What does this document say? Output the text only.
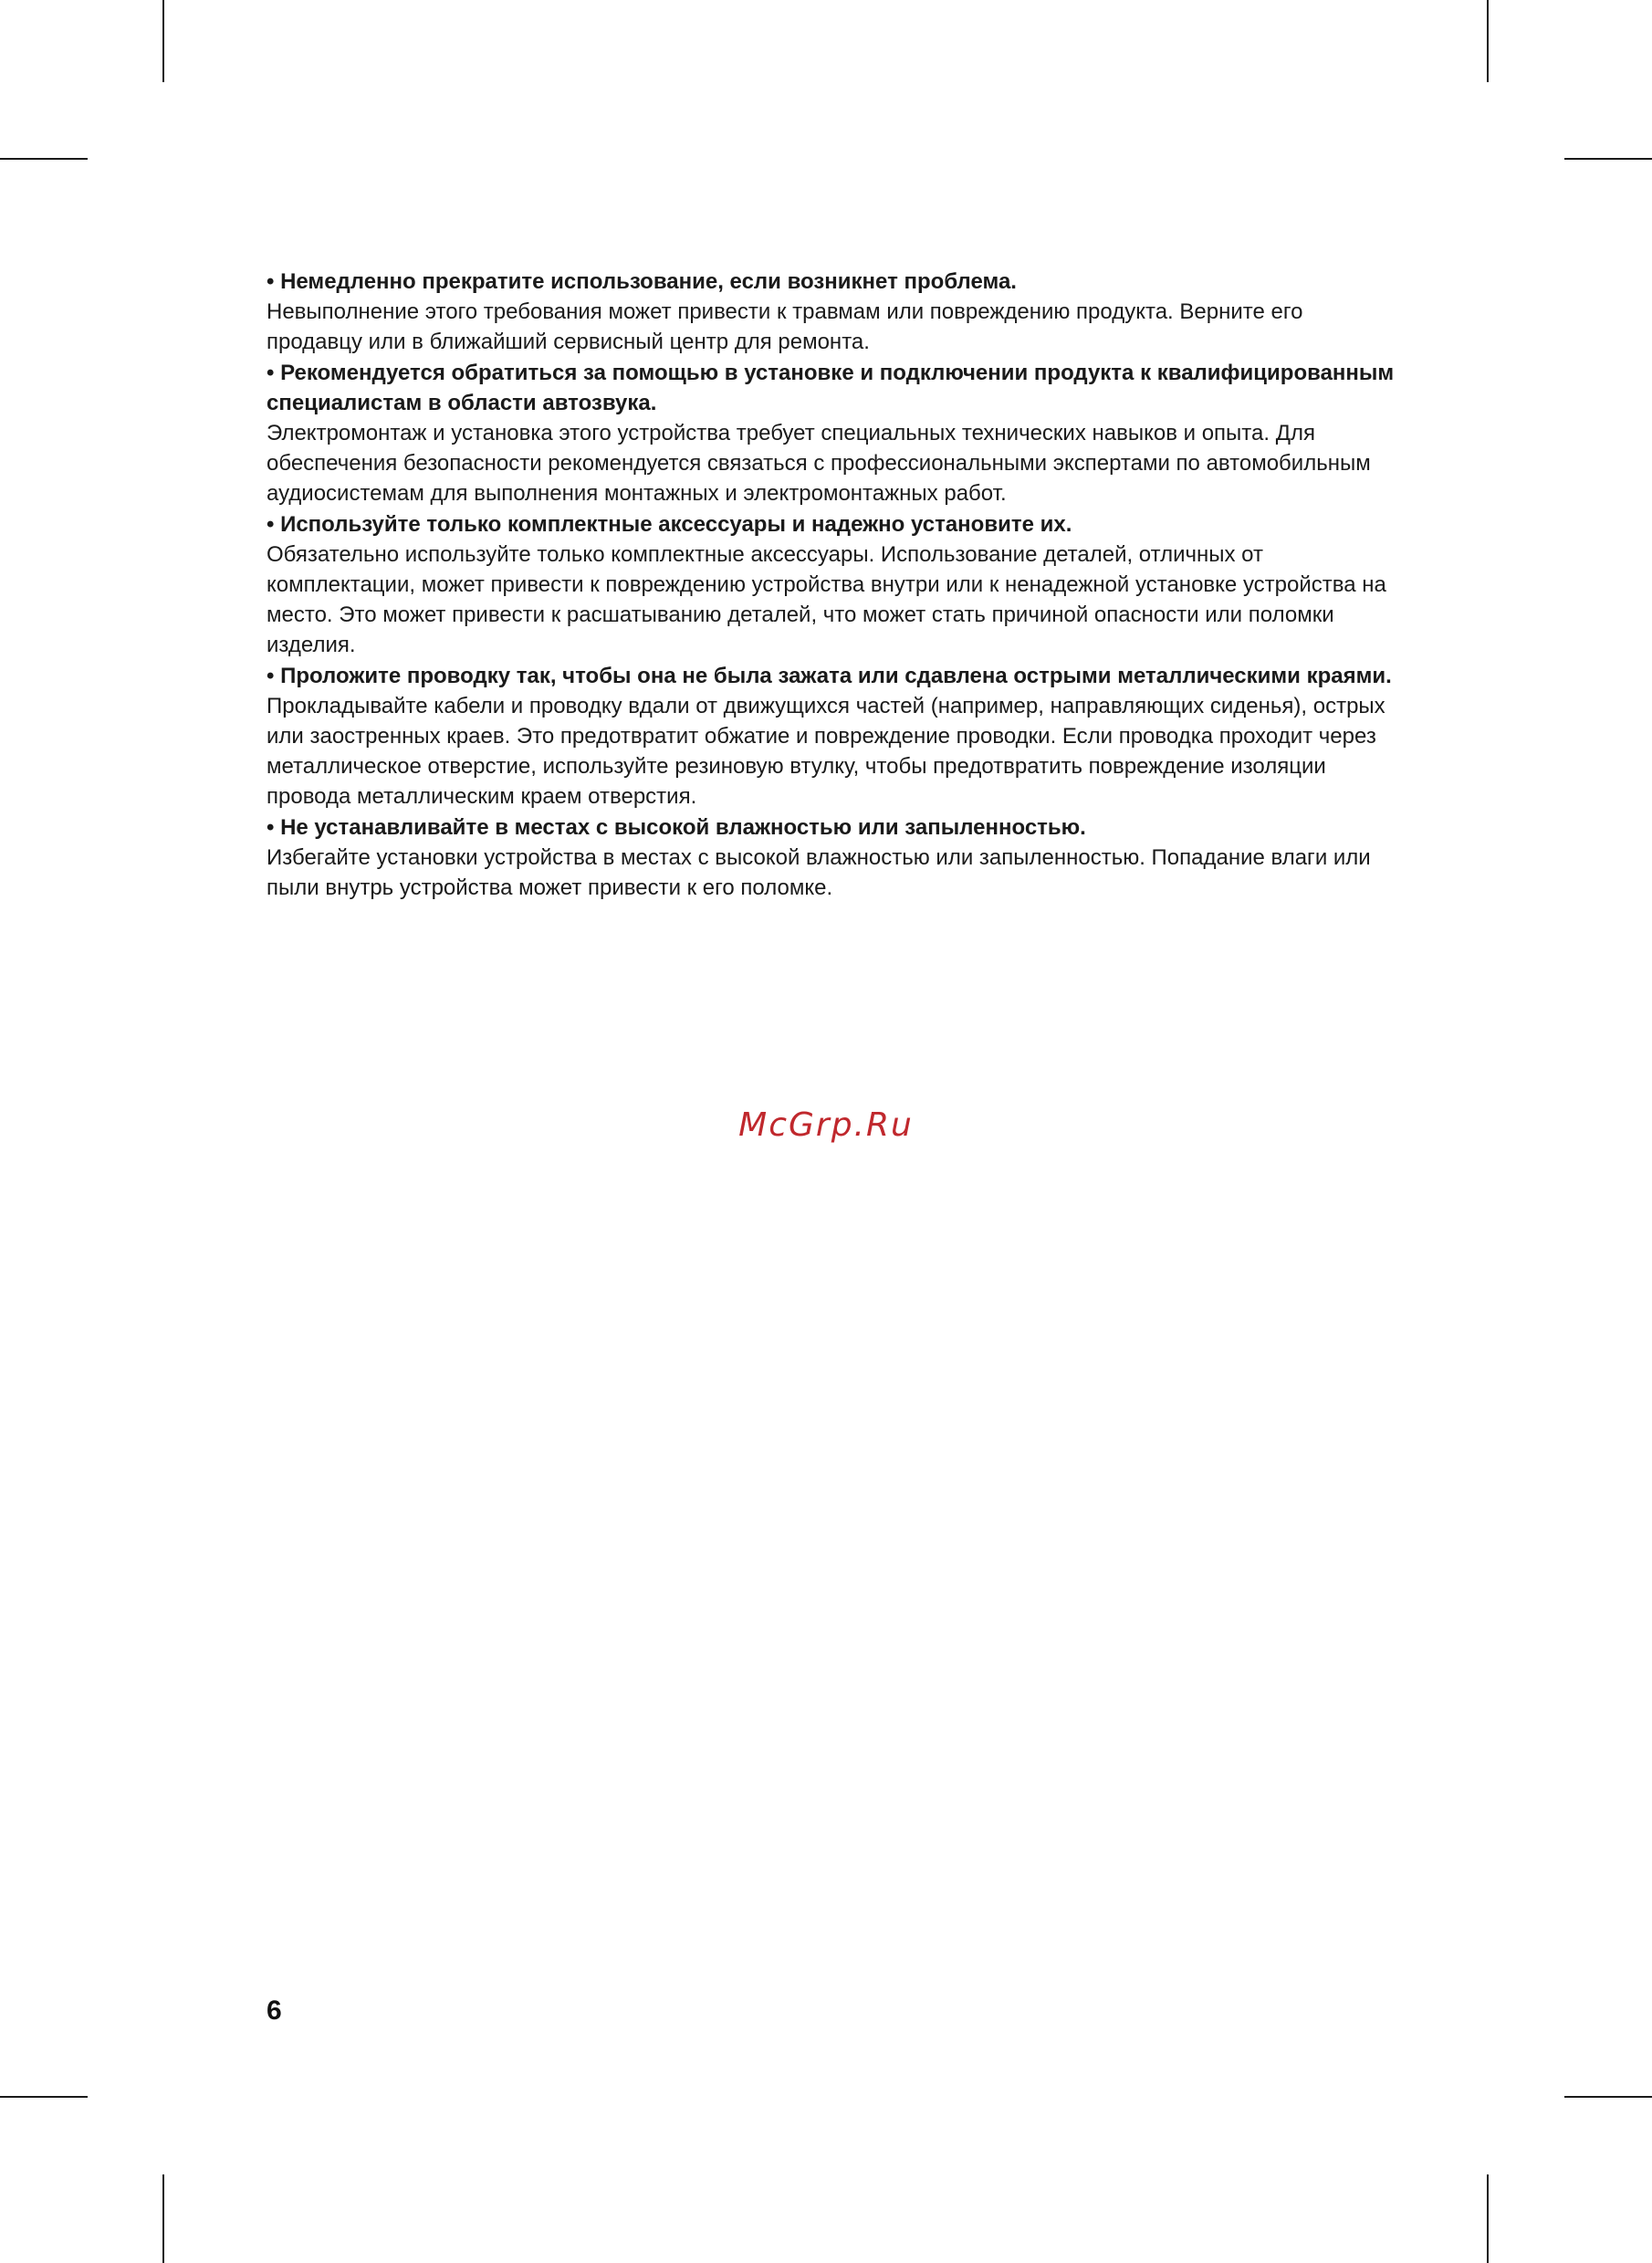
• Немедленно прекратите использование, если возникнет проблема.

Невыполнение этого требования может привести к травмам или повреждению продукта. Верните его продавцу или в ближайший сервисный центр для ремонта.

• Рекомендуется обратиться за помощью в установке и подключении продукта к квалифицированным специалистам в области автозвука.

Электромонтаж и установка этого устройства требует специальных технических навыков и опыта. Для обеспечения безопасности рекомендуется связаться с профессиональными экспертами по автомобильным аудиосистемам для выполнения монтажных и электромонтажных работ.

• Используйте только комплектные аксессуары и надежно установите их.

Обязательно используйте только комплектные аксессуары. Использование деталей, отличных от комплектации, может привести к повреждению устройства внутри или к ненадежной установке устройства на место. Это может привести к расшатыванию деталей, что может стать причиной опасности или поломки изделия.

• Проложите проводку так, чтобы она не была зажата или сдавлена острыми металлическими краями.

Прокладывайте кабели и проводку вдали от движущихся частей (например, направляющих сиденья), острых или заостренных краев. Это предотвратит обжатие и повреждение проводки. Если проводка проходит через металлическое отверстие, используйте резиновую втулку, чтобы предотвратить повреждение изоляции провода металлическим краем отверстия.

• Не устанавливайте в местах с высокой влажностью или запыленностью.

Избегайте установки устройства в местах с высокой влажностью или запыленностью. Попадание влаги или пыли внутрь устройства может привести к его поломке.

McGrp.Ru
6
